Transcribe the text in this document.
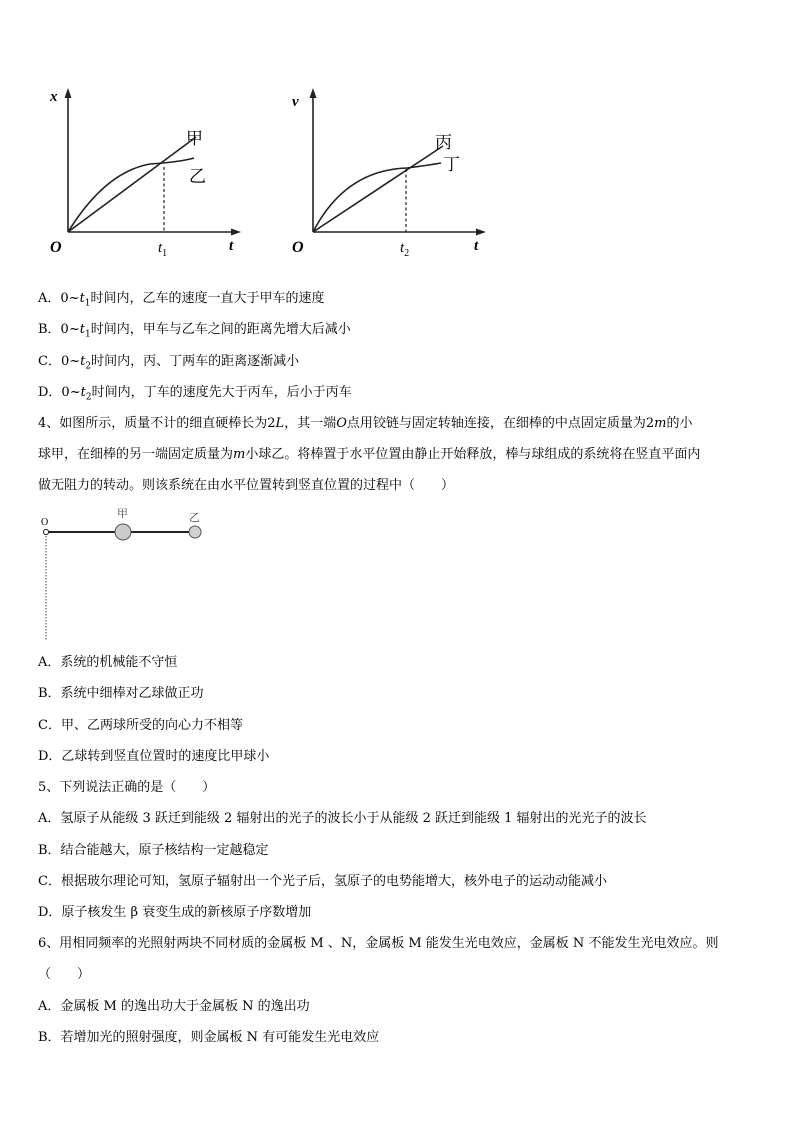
x
甲
乙
O	$t_1$	t
v
丙
丁
O	$t_2$	t
A．$0\sim t_1$时间内，乙车的速度一直大于甲车的速度
B．$0\sim t_1$时间内，甲车与乙车之间的距离先增大后减小
C．$0\sim t_2$时间内，丙、丁两车的距离逐渐减小
D．$0\sim t_2$时间内，丁车的速度先大于丙车，后小于丙车
4、如图所示，质量不计的细直硬棒长为2L，其一端O点用铰链与固定转轴连接，在细棒的中点固定质量为2m的小
球甲，在细棒的另一端固定质量为m小球乙。将棒置于水平位置由静止开始释放，棒与球组成的系统将在竖直平面内
做无阻力的转动。则该系统在由水平位置转到竖直位置的过程中（　　）
O
甲	乙
A．系统的机械能不守恒
B．系统中细棒对乙球做正功
C．甲、乙两球所受的向心力不相等
D．乙球转到竖直位置时的速度比甲球小
5、下列说法正确的是（　　）
A．氢原子从能级 3 跃迁到能级 2 辐射出的光子的波长小于从能级 2 跃迁到能级 1 辐射出的光光子的波长
B．结合能越大，原子核结构一定越稳定
C．根据玻尔理论可知，氢原子辐射出一个光子后，氢原子的电势能增大，核外电子的运动动能减小
D．原子核发生 β 衰变生成的新核原子序数增加
6、用相同频率的光照射两块不同材质的金属板 M 、N，金属板 M 能发生光电效应，金属板 N 不能发生光电效应。则
（　　）
A．金属板 M 的逸出功大于金属板 N 的逸出功
B．若增加光的照射强度，则金属板 N 有可能发生光电效应
